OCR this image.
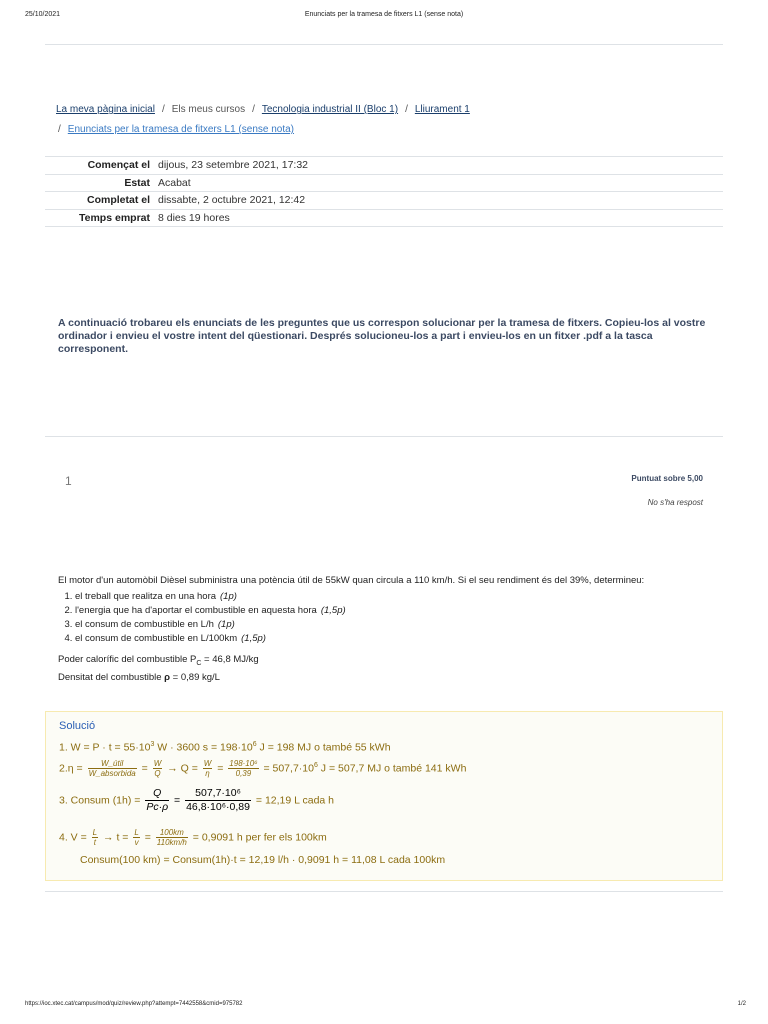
25/10/2021	Enunciats per la tramesa de fitxers L1 (sense nota)
La meva pàgina inicial / Els meus cursos / Tecnologia industrial II (Bloc 1) / Lliurament 1
/ Enunciats per la tramesa de fitxers L1 (sense nota)
Començat el	dijous, 23 setembre 2021, 17:32
Estat	Acabat
Completat el	dissabte, 2 octubre 2021, 12:42
Temps emprat	8 dies 19 hores
A continuació trobareu els enunciats de les preguntes que us correspon solucionar per la tramesa de fitxers. Copieu-los al vostre ordinador i envieu el vostre intent del qüestionari. Després solucioneu-los a part i envieu-los en un fitxer .pdf a la tasca corresponent.
1	Puntuat sobre 5,00
No s'ha respost
El motor d'un automòbil Dièsel subministra una potència útil de 55kW quan circula a 110 km/h. Si el seu rendiment és del 39%, determineu:
1. el treball que realitza en una hora (1p)
2. l'energia que ha d'aportar el combustible en aquesta hora (1,5p)
3. el consum de combustible en L/h (1p)
4. el consum de combustible en L/100km (1,5p)
Poder calorífic del combustible $P_C = 46,8$ MJ/kg
Densitat del combustible ρ = 0,89 kg/L
Solució
1. $W = P \cdot t = 55\cdot 10^3$ W · 3600 $s = 198\cdot 10^6$ J = 198 MJ o també 55 kWh
$2.\eta = \frac{\text{W\_útil}}{\text{W\_absorbida}} = \frac{W}{Q} \to Q = \frac{W}{\eta} = \frac{\text{198·10⁶}}{0,39} = 507,7\cdot 10^6$ J = 507,7 MJ o també 141 kWh
3. Consum $(1h) = \frac{Q}{Pc\cdot\rho} = \frac{\text{507,7·10⁶}}{\text{46,8·10⁶·0,89}} = 12,19$ L cada h
4. $V = \frac{L}{t} \to t = \frac{L}{v} = \frac{100km}{110km/h} = 0,9091$ h per fer els 100km
Consum(100 km) = Consum(1h)·t = 12,19 l/h · 0,9091 h = 11,08 L cada 100km
https://ioc.xtec.cat/campus/mod/quiz/review.php?attempt=7442558&cmid=975782	1/2
